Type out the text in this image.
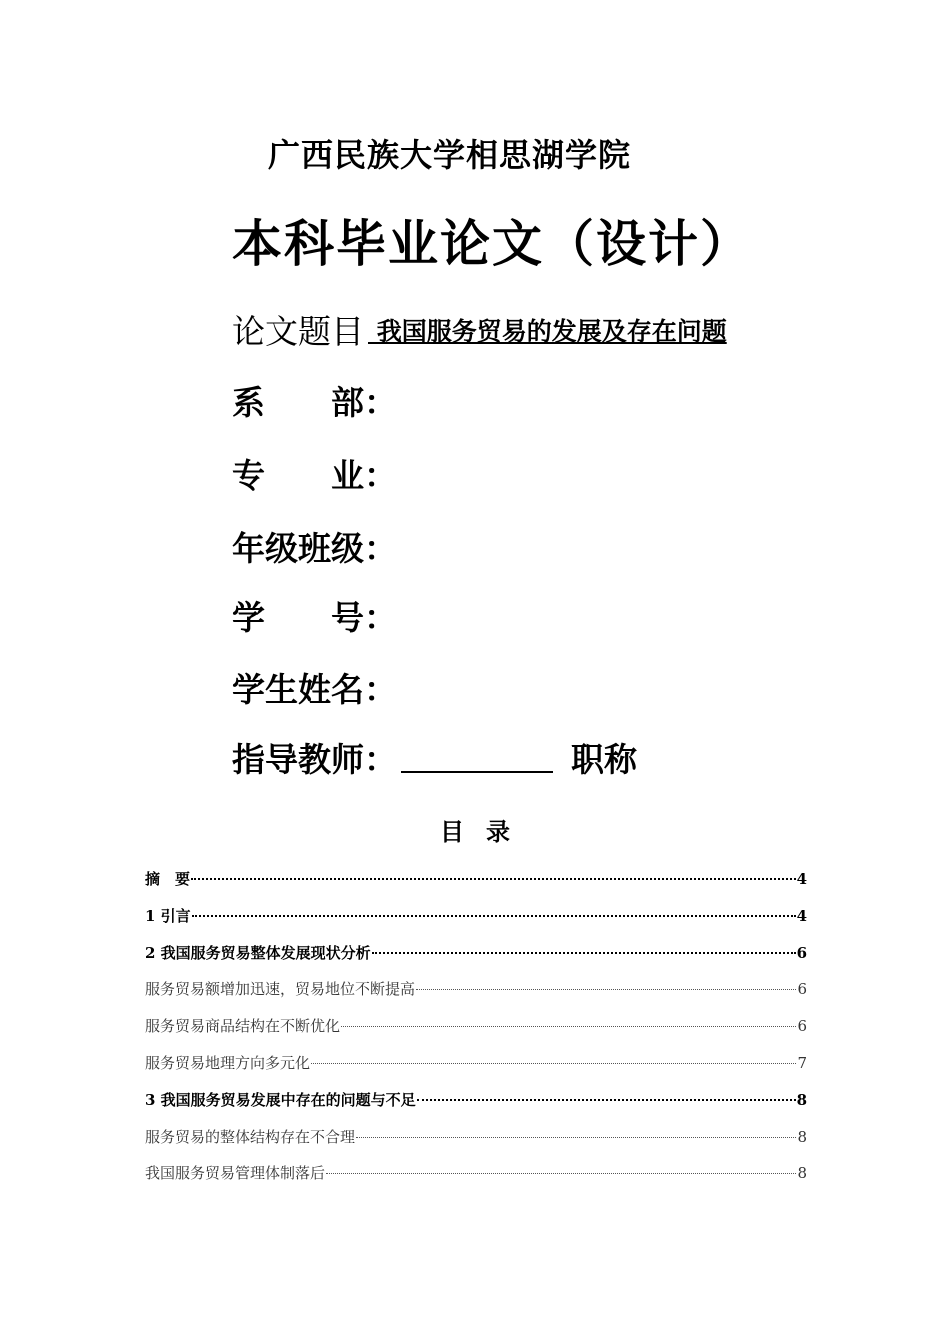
广西民族大学相思湖学院
本科毕业论文（设计）
论文题目 我国服务贸易的发展及存在问题
系　　部：
专　　业：
年级班级：
学　　号：
学生姓名：
指导教师：	职称
目录
摘　要	4
1 引言	4
2 我国服务贸易整体发展现状分析	6
服务贸易额增加迅速，贸易地位不断提高	6
服务贸易商品结构在不断优化	6
服务贸易地理方向多元化	7
3 我国服务贸易发展中存在的问题与不足	8
服务贸易的整体结构存在不合理	8
我国服务贸易管理体制落后	8
